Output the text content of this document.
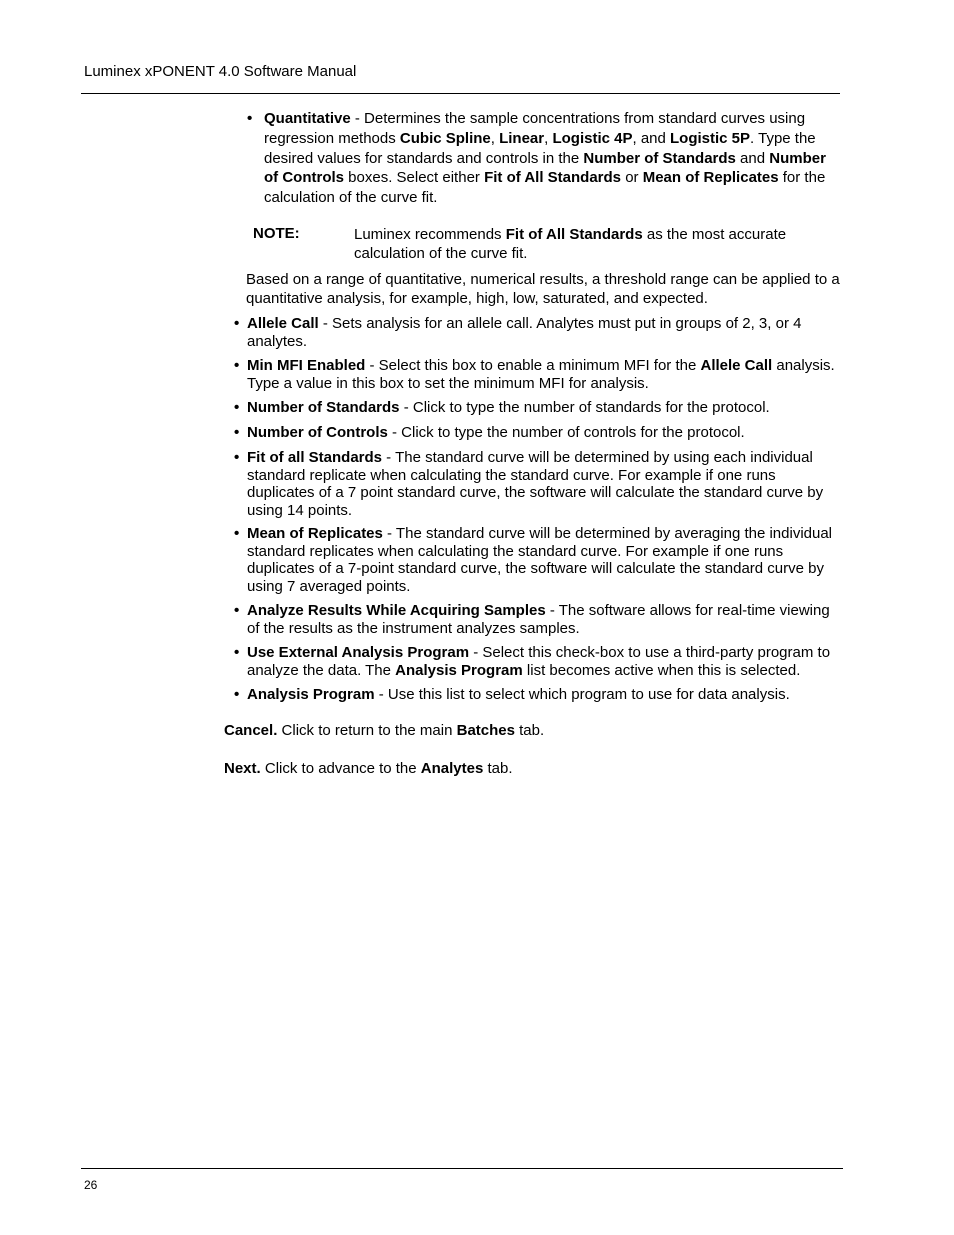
Luminex xPONENT 4.0 Software Manual
• Quantitative - Determines the sample concentrations from standard curves using regression methods Cubic Spline, Linear, Logistic 4P, and Logistic 5P. Type the desired values for standards and controls in the Number of Standards and Number of Controls boxes. Select either Fit of All Standards or Mean of Replicates for the calculation of the curve fit.
NOTE:	Luminex recommends Fit of All Standards as the most accurate calculation of the curve fit.
Based on a range of quantitative, numerical results, a threshold range can be applied to a quantitative analysis, for example, high, low, saturated, and expected.
• Allele Call - Sets analysis for an allele call. Analytes must put in groups of 2, 3, or 4 analytes.
• Min MFI Enabled - Select this box to enable a minimum MFI for the Allele Call analysis. Type a value in this box to set the minimum MFI for analysis.
• Number of Standards - Click to type the number of standards for the protocol.
• Number of Controls - Click to type the number of controls for the protocol.
• Fit of all Standards - The standard curve will be determined by using each individual standard replicate when calculating the standard curve. For example if one runs duplicates of a 7 point standard curve, the software will calculate the standard curve by using 14 points.
• Mean of Replicates - The standard curve will be determined by averaging the individual standard replicates when calculating the standard curve. For example if one runs duplicates of a 7-point standard curve, the software will calculate the standard curve by using 7 averaged points.
• Analyze Results While Acquiring Samples - The software allows for real-time viewing of the results as the instrument analyzes samples.
• Use External Analysis Program - Select this check-box to use a third-party program to analyze the data. The Analysis Program list becomes active when this is selected.
• Analysis Program - Use this list to select which program to use for data analysis.
Cancel. Click to return to the main Batches tab.
Next. Click to advance to the Analytes tab.
26
